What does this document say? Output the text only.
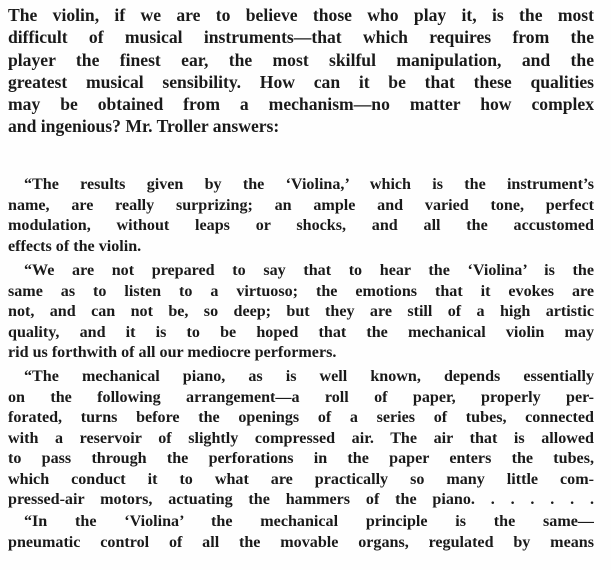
The violin, if we are to believe those who play it, is the most
difficult of musical instruments—that which requires from the
player the finest ear, the most skilful manipulation, and the
greatest musical sensibility. How can it be that these qualities
may be obtained from a mechanism—no matter how complex
and ingenious? Mr. Troller answers:
“The results given by the ‘Violina,’ which is the instrument’s
name, are really surprizing; an ample and varied tone, perfect
modulation, without leaps or shocks, and all the accustomed
effects of the violin.
“We are not prepared to say that to hear the ‘Violina’ is the
same as to listen to a virtuoso; the emotions that it evokes are
not, and can not be, so deep; but they are still of a high artistic
quality, and it is to be hoped that the mechanical violin may
rid us forthwith of all our mediocre performers.
“The mechanical piano, as is well known, depends essentially
on the following arrangement—a roll of paper, properly per-
forated, turns before the openings of a series of tubes, connected
with a reservoir of slightly compressed air. The air that is allowed
to pass through the perforations in the paper enters the tubes,
which conduct it to what are practically so many little com-
pressed-air motors, actuating the hammers of the piano. . . . . . .
“In the ‘Violina’ the mechanical principle is the same—
pneumatic control of all the movable organs, regulated by means
